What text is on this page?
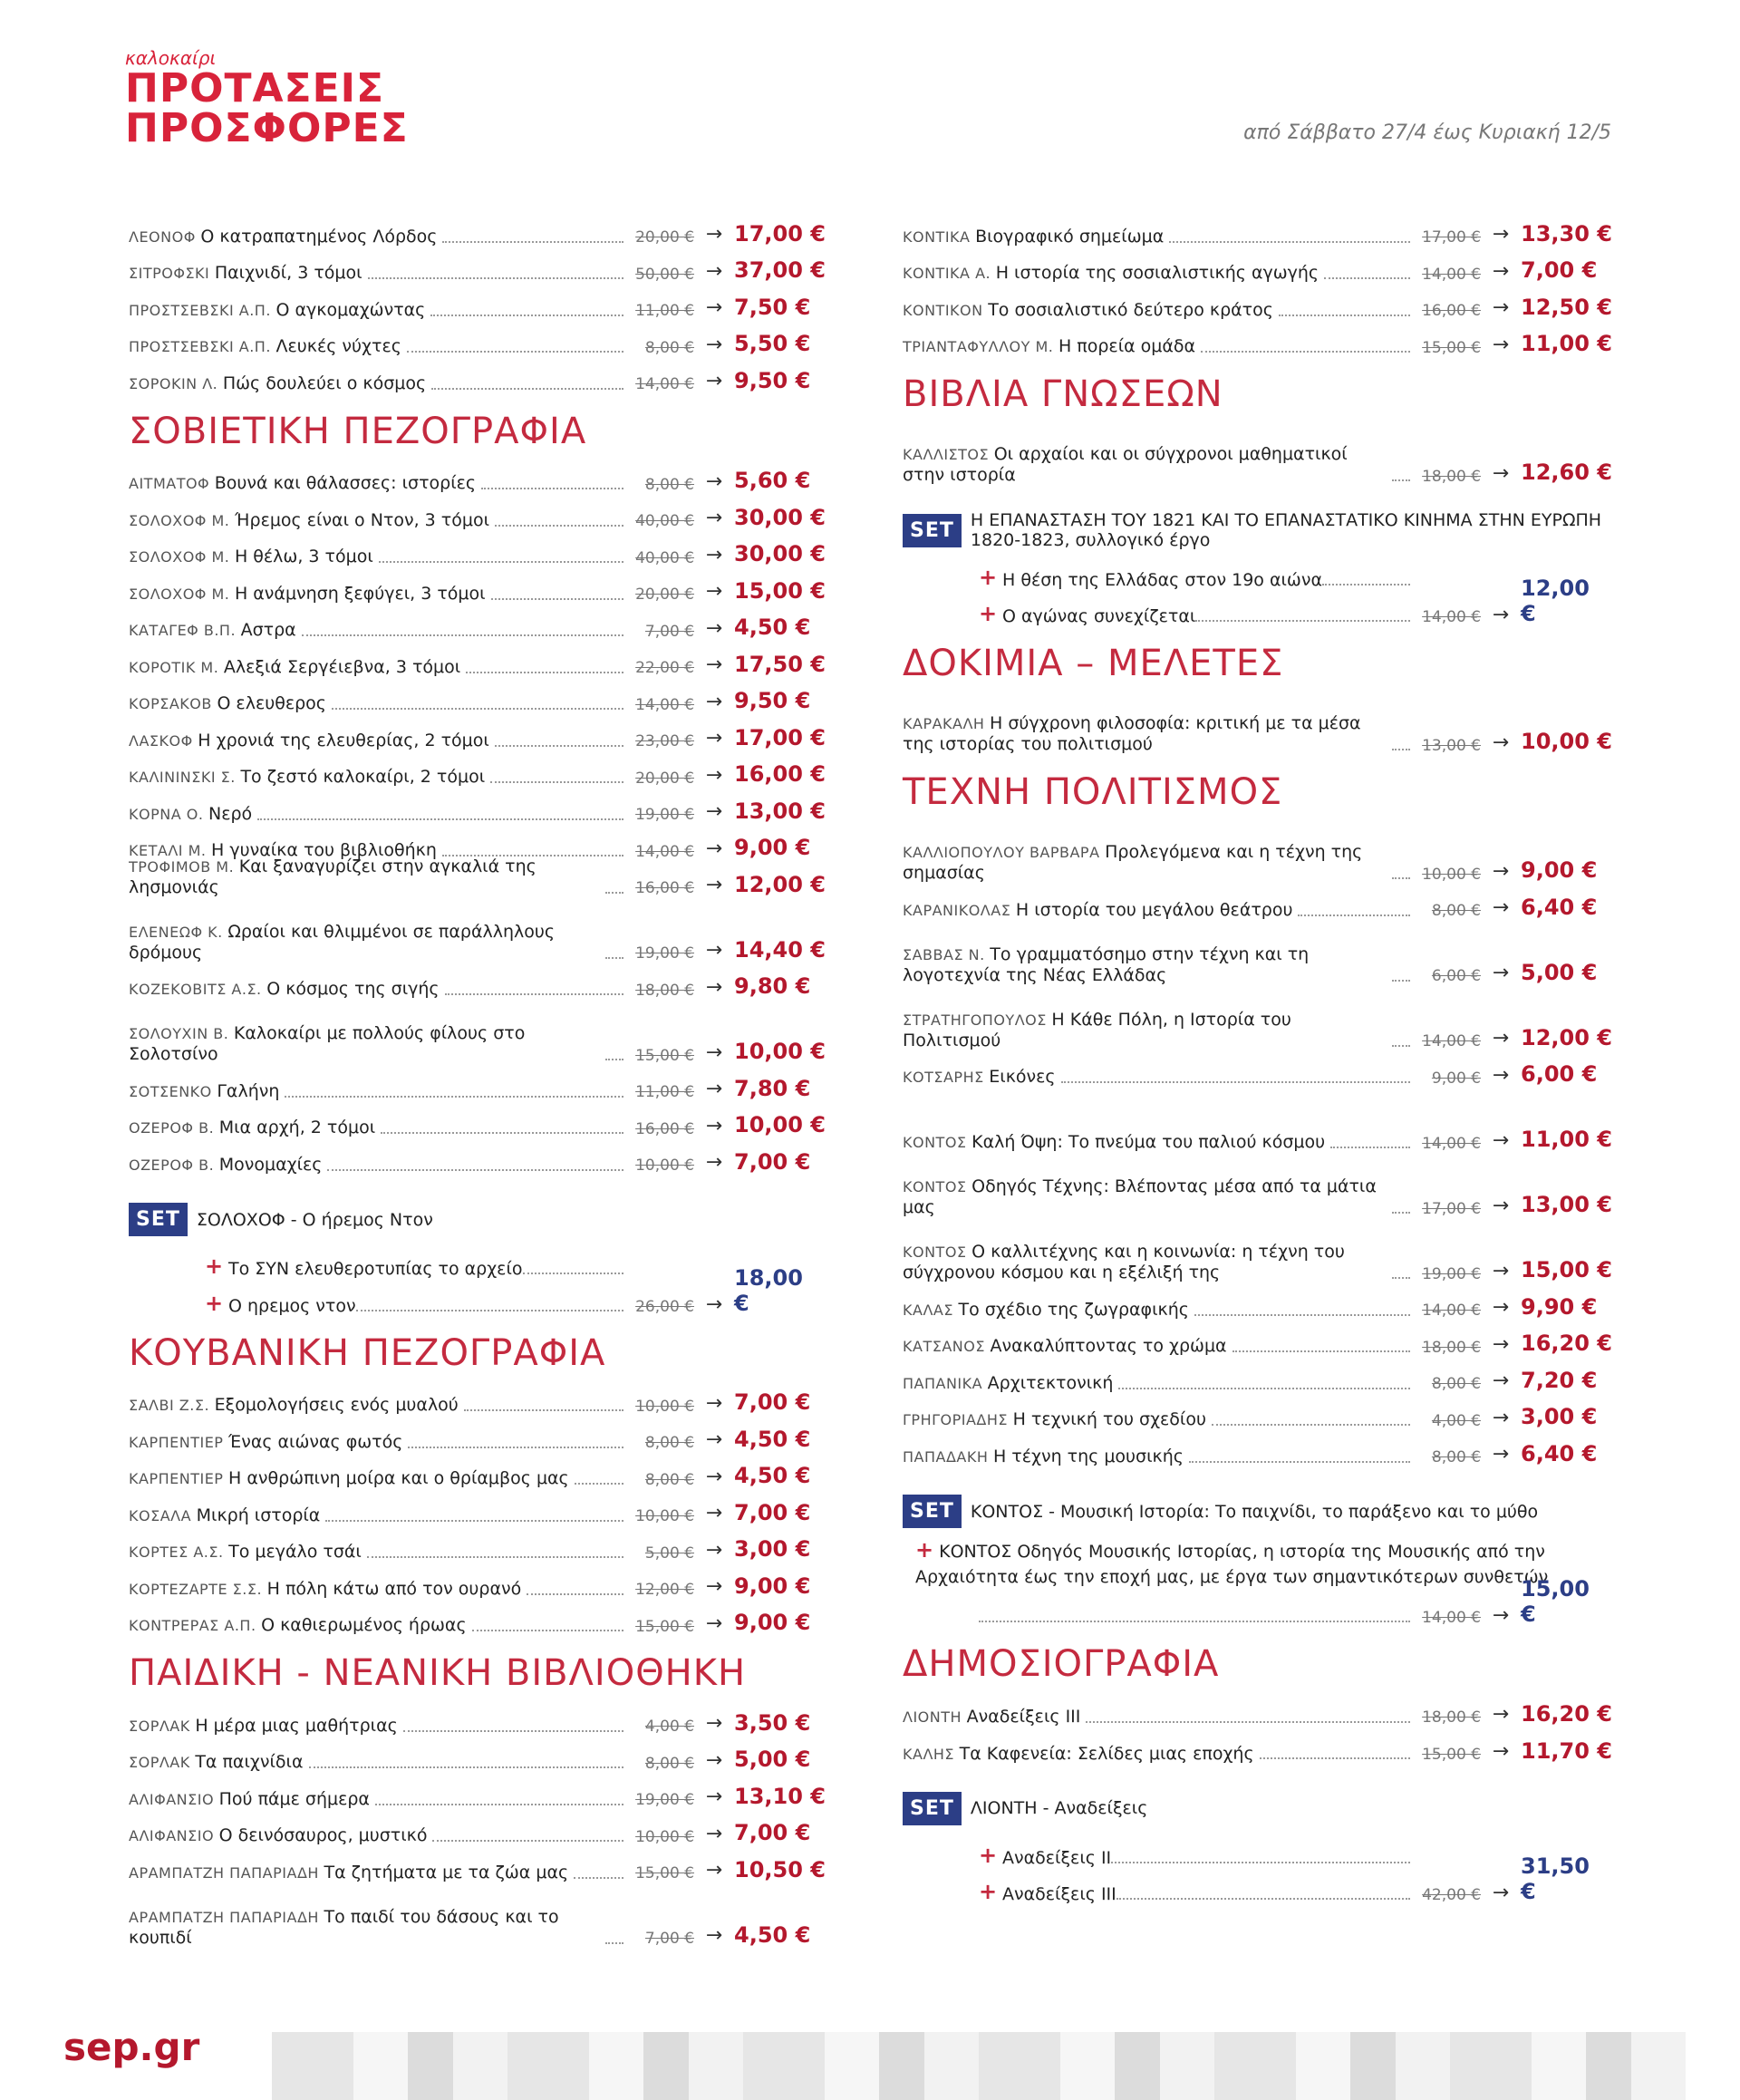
καλοκαίρι
ΠΡΟΤΑΣΕΙΣ
ΠΡΟΣΦΟΡΕΣ	από Σάββατο 27/4 έως Κυριακή 12/5
ΛΕΟΝΟΦ Ο κατραπατημένος Λόρδος	20,00 € → 17,00 €
ΣΙΤΡΟΦΣΚΙ Παιχνιδί, 3 τόμοι	50,00 € → 37,00 €
ΠΡΟΣΤΣΕΒΣΚΙ Α.Π. Ο αγκομαχώντας	11,00 € → 7,50 €
ΠΡΟΣΤΣΕΒΣΚΙ Α.Π. Λευκές νύχτες	8,00 € → 5,50 €
ΣΟΡΟΚΙΝ Λ. Πώς δουλεύει ο κόσμος	14,00 € → 9,50 €
ΣΟΒΙΕΤΙΚΗ ΠΕΖΟΓΡΑΦΙΑ
ΑΙΤΜΑΤΟΦ Βουνά και θάλασσες: ιστορίες	8,00 € → 5,60 €
ΣΟΛΟΧΟΦ Μ. Ήρεμος είναι ο Ντον, 3 τόμοι	40,00 € → 30,00 €
ΣΟΛΟΧΟΦ Μ. Η θέλω, 3 τόμοι	40,00 € → 30,00 €
ΣΟΛΟΧΟΦ Μ. Η ανάμνηση ξεφύγει, 3 τόμοι	20,00 € → 15,00 €
ΚΑΤΑΓΕΦ Β.Π. Αστρα	7,00 € → 4,50 €
ΚΟΡΟΤΙΚ Μ. Αλεξιά Σεργέιεβνα, 3 τόμοι	22,00 € → 17,50 €
ΚΟΡΣΑΚΟΒ Ο ελευθερος	14,00 € → 9,50 €
ΛΑΣΚΟΦ Η χρονιά της ελευθερίας, 2 τόμοι	23,00 € → 17,00 €
ΚΑΛΙΝΙΝΣΚΙ Σ. Το ζεστό καλοκαίρι, 2 τόμοι	20,00 € → 16,00 €
ΚΟΡΝΑ Ο. Νερό	19,00 € → 13,00 €
ΚΕΤΑΛΙ Μ. Η γυναίκα του βιβλιοθήκη	14,00 € → 9,00 €
ΤΡΟΦΙΜΟΒ Μ. Και ξαναγυρίζει στην αγκαλιά της λησμονιάς	16,00 € → 12,00 €
ΕΛΕΝΕΩΦ Κ. Ωραίοι και θλιμμένοι σε παράλληλους δρόμους	19,00 € → 14,40 €
ΚΟΖΕΚΟΒΙΤΣ Α.Σ. Ο κόσμος της σιγής	18,00 € → 9,80 €
ΣΟΛΟΥΧΙΝ Β. Καλοκαίρι με πολλούς φίλους στο Σολοτσίνο	15,00 € → 10,00 €
ΣΟΤΣΕΝΚΟ Γαλήνη	11,00 € → 7,80 €
ΟΖΕΡΟΦ Β. Μια αρχή, 2 τόμοι	16,00 € → 10,00 €
ΟΖΕΡΟΦ Β. Μονομαχίες	10,00 € → 7,00 €
SET ΣΟΛΟΧΟΦ - Ο ήρεμος Ντον
+ Το ΣΥΝ ελευθεροτυπίας το αρχείο
+ Ο ηρεμος ντον	26,00 € →
18,00 €
ΚΟΥΒΑΝΙΚΗ ΠΕΖΟΓΡΑΦΙΑ
ΣΑΛΒΙ Ζ.Σ. Εξομολογήσεις ενός μυαλού	10,00 € → 7,00 €
ΚΑΡΠΕΝΤΙΕΡ Ένας αιώνας φωτός	8,00 € → 4,50 €
ΚΑΡΠΕΝΤΙΕΡ Η ανθρώπινη μοίρα και ο θρίαμβος μας	8,00 € → 4,50 €
ΚΟΣΑΛΑ Μικρή ιστορία	10,00 € → 7,00 €
ΚΟΡΤΕΣ Α.Σ. Το μεγάλο τσάι	5,00 € → 3,00 €
ΚΟΡΤΕΖΑΡΤΕ Σ.Σ. Η πόλη κάτω από τον ουρανό	12,00 € → 9,00 €
ΚΟΝΤΡΕΡΑΣ Α.Π. Ο καθιερωμένος ήρωας	15,00 € → 9,00 €
ΠΑΙΔΙΚΗ - ΝΕΑΝΙΚΗ ΒΙΒΛΙΟΘΗΚΗ
ΣΟΡΛΑΚ Η μέρα μιας μαθήτριας	4,00 € → 3,50 €
ΣΟΡΛΑΚ Τα παιχνίδια	8,00 € → 5,00 €
ΑΛΙΦΑΝΣΙΟ Πού πάμε σήμερα	19,00 € → 13,10 €
ΑΛΙΦΑΝΣΙΟ Ο δεινόσαυρος, μυστικό	10,00 € → 7,00 €
ΑΡΑΜΠΑΤΖΗ ΠΑΠΑΡΙΑΔΗ Τα ζητήματα με τα ζώα μας	15,00 € → 10,50 €
ΑΡΑΜΠΑΤΖΗ ΠΑΠΑΡΙΑΔΗ Το παιδί του δάσους και το κουπιδί	7,00 € → 4,50 €
ΚΟΝΤΙΚΑ Βιογραφικό σημείωμα	17,00 € → 13,30 €
ΚΟΝΤΙΚΑ Α. Η ιστορία της σοσιαλιστικής αγωγής	14,00 € → 7,00 €
ΚΟΝΤΙΚΟΝ Το σοσιαλιστικό δεύτερο κράτος	16,00 € → 12,50 €
ΤΡΙΑΝΤΑΦΥΛΛΟΥ Μ. Η πορεία ομάδα	15,00 € → 11,00 €
ΒΙΒΛΙΑ ΓΝΩΣΕΩΝ
ΚΑΛΛΙΣΤΟΣ Οι αρχαίοι και οι σύγχρονοι μαθηματικοί στην ιστορία	18,00 € → 12,60 €
SET Η ΕΠΑΝΑΣΤΑΣΗ ΤΟΥ 1821 ΚΑΙ ΤΟ ΕΠΑΝΑΣΤΑΤΙΚΟ ΚΙΝΗΜΑ ΣΤΗΝ ΕΥΡΩΠΗ 1820-1823, συλλογικό έργο
+ Η θέση της Ελλάδας στον 19ο αιώνα
+ Ο αγώνας συνεχίζεται	14,00 € →
12,00 €
ΔΟΚΙΜΙΑ – ΜΕΛΕΤΕΣ
ΚΑΡΑΚΑΛΗ Η σύγχρονη φιλοσοφία: κριτική με τα μέσα της ιστορίας του πολιτισμού	13,00 € → 10,00 €
ΤΕΧΝΗ ΠΟΛΙΤΙΣΜΟΣ
ΚΑΛΛΙΟΠΟΥΛΟΥ ΒΑΡΒΑΡΑ Προλεγόμενα και η τέχνη της σημασίας	10,00 € → 9,00 €
ΚΑΡΑΝΙΚΟΛΑΣ Η ιστορία του μεγάλου θεάτρου	8,00 € → 6,40 €
ΣΑΒΒΑΣ Ν. Το γραμματόσημο στην τέχνη και τη λογοτεχνία της Νέας Ελλάδας	6,00 € → 5,00 €
ΣΤΡΑΤΗΓΟΠΟΥΛΟΣ Η Κάθε Πόλη, η Ιστορία του Πολιτισμού	14,00 € → 12,00 €
ΚΟΤΣΑΡΗΣ Εικόνες	9,00 € → 6,00 €
ΚΟΝΤΟΣ Καλή Όψη: Το πνεύμα του παλιού κόσμου	14,00 € → 11,00 €
ΚΟΝΤΟΣ Οδηγός Τέχνης: Βλέποντας μέσα από τα μάτια μας	17,00 € → 13,00 €
ΚΟΝΤΟΣ Ο καλλιτέχνης και η κοινωνία: η τέχνη του σύγχρονου κόσμου και η εξέλιξή της	19,00 € → 15,00 €
ΚΑΛΑΣ Το σχέδιο της ζωγραφικής	14,00 € → 9,90 €
ΚΑΤΣΑΝΟΣ Ανακαλύπτοντας το χρώμα	18,00 € → 16,20 €
ΠΑΠΑΝΙΚΑ Αρχιτεκτονική	8,00 € → 7,20 €
ΓΡΗΓΟΡΙΑΔΗΣ Η τεχνική του σχεδίου	4,00 € → 3,00 €
ΠΑΠΑΔΑΚΗ Η τέχνη της μουσικής	8,00 € → 6,40 €
SET ΚΟΝΤΟΣ - Μουσική Ιστορία: Το παιχνίδι, το παράξενο και το μύθο
+ ΚΟΝΤΟΣ Οδηγός Μουσικής Ιστορίας, η ιστορία της Μουσικής από την Αρχαιότητα έως την εποχή μας, με έργα των σημαντικότερων συνθετών
14,00 € →
15,00 €
ΔΗΜΟΣΙΟΓΡΑΦΙΑ
ΛΙΟΝΤΗ Αναδείξεις ΙΙΙ	18,00 € → 16,20 €
ΚΑΛΗΣ Τα Καφενεία: Σελίδες μιας εποχής	15,00 € → 11,70 €
SET ΛΙΟΝΤΗ - Αναδείξεις
+ Αναδείξεις ΙΙ
+ Αναδείξεις ΙΙΙ	42,00 € →
31,50 €
sep.gr
